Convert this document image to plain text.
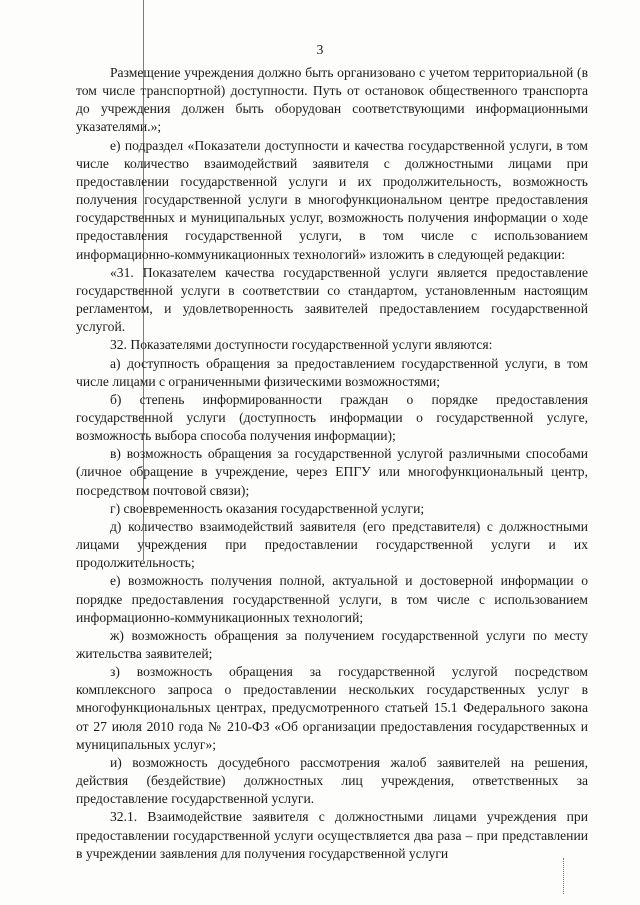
3

Размещение учреждения должно быть организовано с учетом территориальной (в том числе транспортной) доступности. Путь от остановок общественного транспорта до учреждения должен быть оборудован соответствующими информационными указателями.»;

е) подраздел «Показатели доступности и качества государственной услуги, в том числе количество взаимодействий заявителя с должностными лицами при предоставлении государственной услуги и их продолжительность, возможность получения государственной услуги в многофункциональном центре предоставления государственных и муниципальных услуг, возможность получения информации о ходе предоставления государственной услуги, в том числе с использованием информационно-коммуникационных технологий» изложить в следующей редакции:

«31. Показателем качества государственной услуги является предоставление государственной услуги в соответствии со стандартом, установленным настоящим регламентом, и удовлетворенность заявителей предоставлением государственной услугой.

32. Показателями доступности государственной услуги являются:

а) доступность обращения за предоставлением государственной услуги, в том числе лицами с ограниченными физическими возможностями;

б) степень информированности граждан о порядке предоставления государственной услуги (доступность информации о государственной услуге, возможность выбора способа получения информации);

в) возможность обращения за государственной услугой различными способами (личное обращение в учреждение, через ЕПГУ или многофункциональный центр, посредством почтовой связи);

г) своевременность оказания государственной услуги;

д) количество взаимодействий заявителя (его представителя) с должностными лицами учреждения при предоставлении государственной услуги и их продолжительность;

е) возможность получения полной, актуальной и достоверной информации о порядке предоставления государственной услуги, в том числе с использованием информационно-коммуникационных технологий;

ж) возможность обращения за получением государственной услуги по месту жительства заявителей;

з) возможность обращения за государственной услугой посредством комплексного запроса о предоставлении нескольких государственных услуг в многофункциональных центрах, предусмотренного статьей 15.1 Федерального закона от 27 июля 2010 года № 210-ФЗ «Об организации предоставления государственных и муниципальных услуг»;

и) возможность досудебного рассмотрения жалоб заявителей на решения, действия (бездействие) должностных лиц учреждения, ответственных за предоставление государственной услуги.

32.1. Взаимодействие заявителя с должностными лицами учреждения при предоставлении государственной услуги осуществляется два раза – при представлении в учреждении заявления для получения государственной услуги
